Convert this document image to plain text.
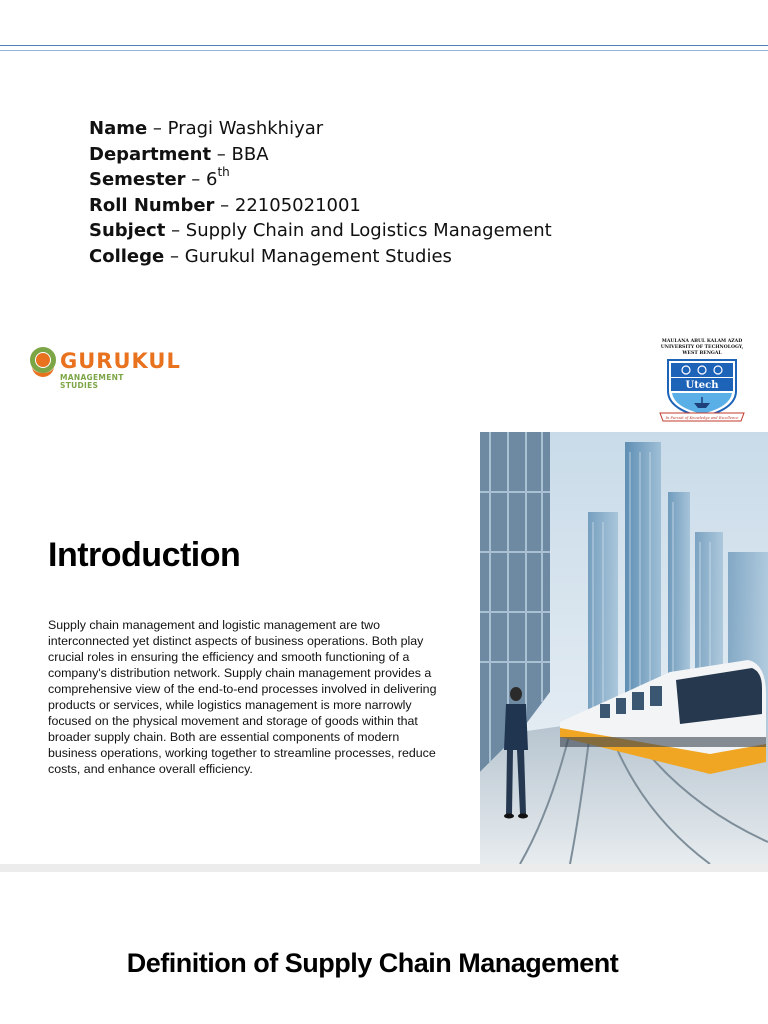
Name – Pragi Washkhiyar
Department – BBA
Semester – 6th
Roll Number – 22105021001
Subject – Supply Chain and Logistics Management
College – Gurukul Management Studies
GURUKUL
MANAGEMENT
STUDIES
MAULANA ABUL KALAM AZAD
UNIVERSITY OF TECHNOLOGY,
WEST BENGAL
Utech
In Pursuit of Knowledge and Excellence
Introduction
Supply chain management and logistic management are two interconnected yet distinct aspects of business operations. Both play crucial roles in ensuring the efficiency and smooth functioning of a company's distribution network. Supply chain management provides a comprehensive view of the end-to-end processes involved in delivering products or services, while logistics management is more narrowly focused on the physical movement and storage of goods within that broader supply chain. Both are essential components of modern business operations, working together to streamline processes, reduce costs, and enhance overall efficiency.
Definition of Supply Chain Management
